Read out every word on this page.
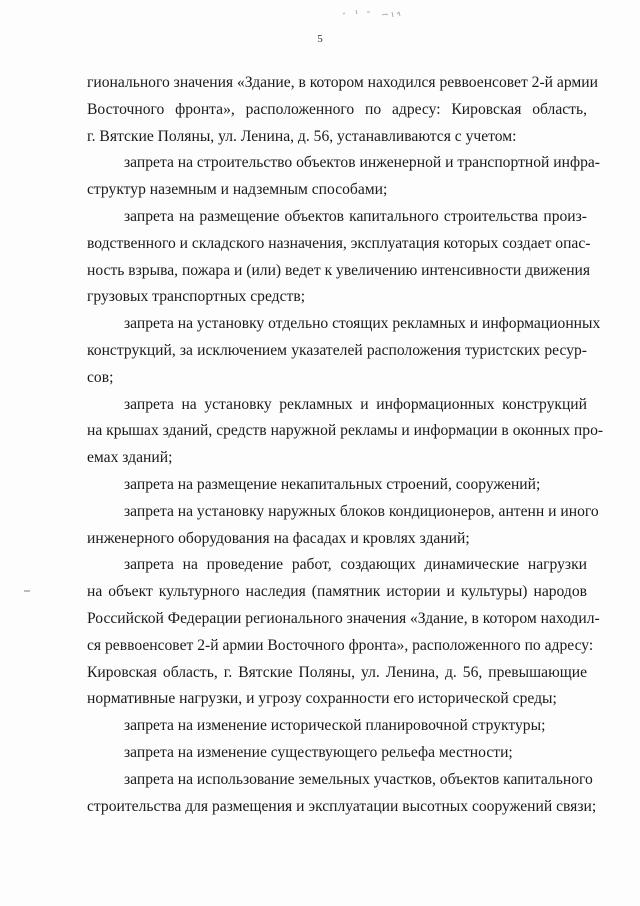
5

гионального значения «Здание, в котором находился реввоенсовет 2-й армии
Восточного фронта», расположенного по адресу: Кировская область,
г. Вятские Поляны, ул. Ленина, д. 56, устанавливаются с учетом:

запрета на строительство объектов инженерной и транспортной инфра-
структур наземным и надземным способами;

запрета на размещение объектов капитального строительства произ-
водственного и складского назначения, эксплуатация которых создает опас-
ность взрыва, пожара и (или) ведет к увеличению интенсивности движения
грузовых транспортных средств;

запрета на установку отдельно стоящих рекламных и информационных
конструкций, за исключением указателей расположения туристских ресур-
сов;

запрета на установку рекламных и информационных конструкций
на крышах зданий, средств наружной рекламы и информации в оконных про-
емах зданий;

запрета на размещение некапитальных строений, сооружений;

запрета на установку наружных блоков кондиционеров, антенн и иного
инженерного оборудования на фасадах и кровлях зданий;

запрета на проведение работ, создающих динамические нагрузки
на объект культурного наследия (памятник истории и культуры) народов
Российской Федерации регионального значения «Здание, в котором находил-
ся реввоенсовет 2-й армии Восточного фронта», расположенного по адресу:
Кировская область, г. Вятские Поляны, ул. Ленина, д. 56, превышающие
нормативные нагрузки, и угрозу сохранности его исторической среды;

запрета на изменение исторической планировочной структуры;

запрета на изменение существующего рельефа местности;

запрета на использование земельных участков, объектов капитального
строительства для размещения и эксплуатации высотных сооружений связи;
